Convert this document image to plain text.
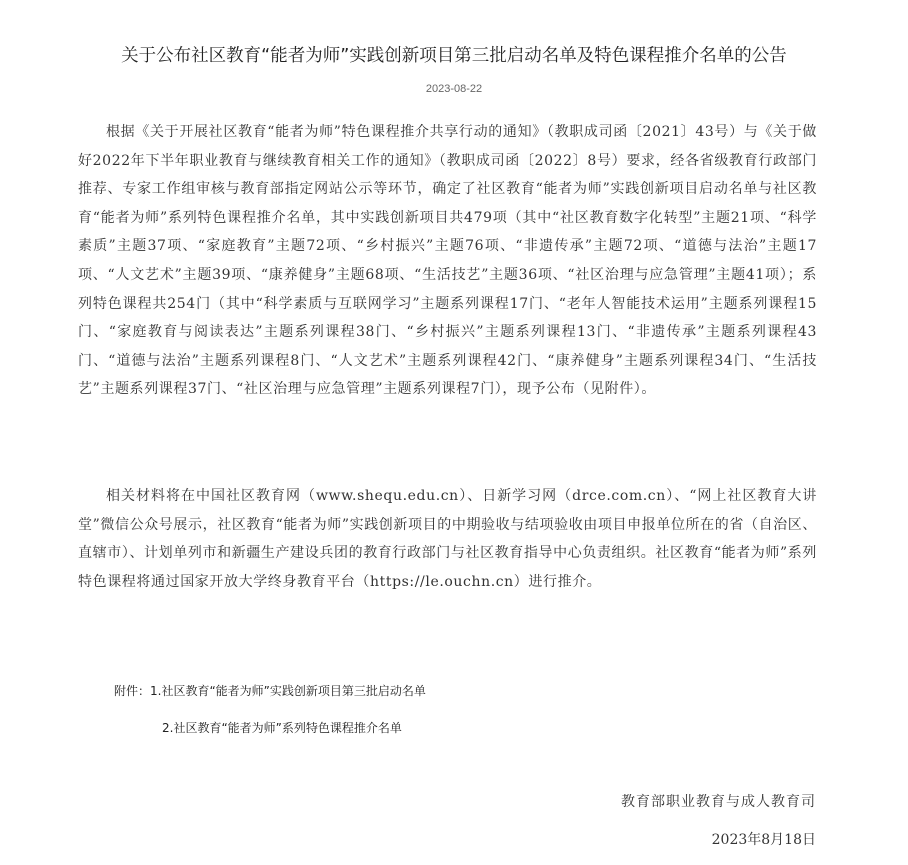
关于公布社区教育“能者为师”实践创新项目第三批启动名单及特色课程推介名单的公告
2023-08-22

根据《关于开展社区教育“能者为师”特色课程推介共享行动的通知》（教职成司函〔2021〕43号）与《关于做好2022年下半年职业教育与继续教育相关工作的通知》（教职成司函〔2022〕8号）要求，经各省级教育行政部门推荐、专家工作组审核与教育部指定网站公示等环节，确定了社区教育“能者为师”实践创新项目启动名单与社区教育“能者为师”系列特色课程推介名单，其中实践创新项目共479项（其中“社区教育数字化转型”主题21项、“科学素质”主题37项、“家庭教育”主题72项、“乡村振兴”主题76项、“非遗传承”主题72项、“道德与法治”主题17项、“人文艺术”主题39项、“康养健身”主题68项、“生活技艺”主题36项、“社区治理与应急管理”主题41项）；系列特色课程共254门（其中“科学素质与互联网学习”主题系列课程17门、“老年人智能技术运用”主题系列课程15门、“家庭教育与阅读表达”主题系列课程38门、“乡村振兴”主题系列课程13门、“非遗传承”主题系列课程43门、“道德与法治”主题系列课程8门、“人文艺术”主题系列课程42门、“康养健身”主题系列课程34门、“生活技艺”主题系列课程37门、“社区治理与应急管理”主题系列课程7门），现予公布（见附件）。

相关材料将在中国社区教育网（www.shequ.edu.cn）、日新学习网（drce.com.cn）、“网上社区教育大讲堂”微信公众号展示，社区教育“能者为师”实践创新项目的中期验收与结项验收由项目申报单位所在的省（自治区、直辖市）、计划单列市和新疆生产建设兵团的教育行政部门与社区教育指导中心负责组织。社区教育“能者为师”系列特色课程将通过国家开放大学终身教育平台（https://le.ouchn.cn）进行推介。

附件：1.社区教育“能者为师”实践创新项目第三批启动名单
2.社区教育“能者为师”系列特色课程推介名单
教育部职业教育与成人教育司
2023年8月18日
